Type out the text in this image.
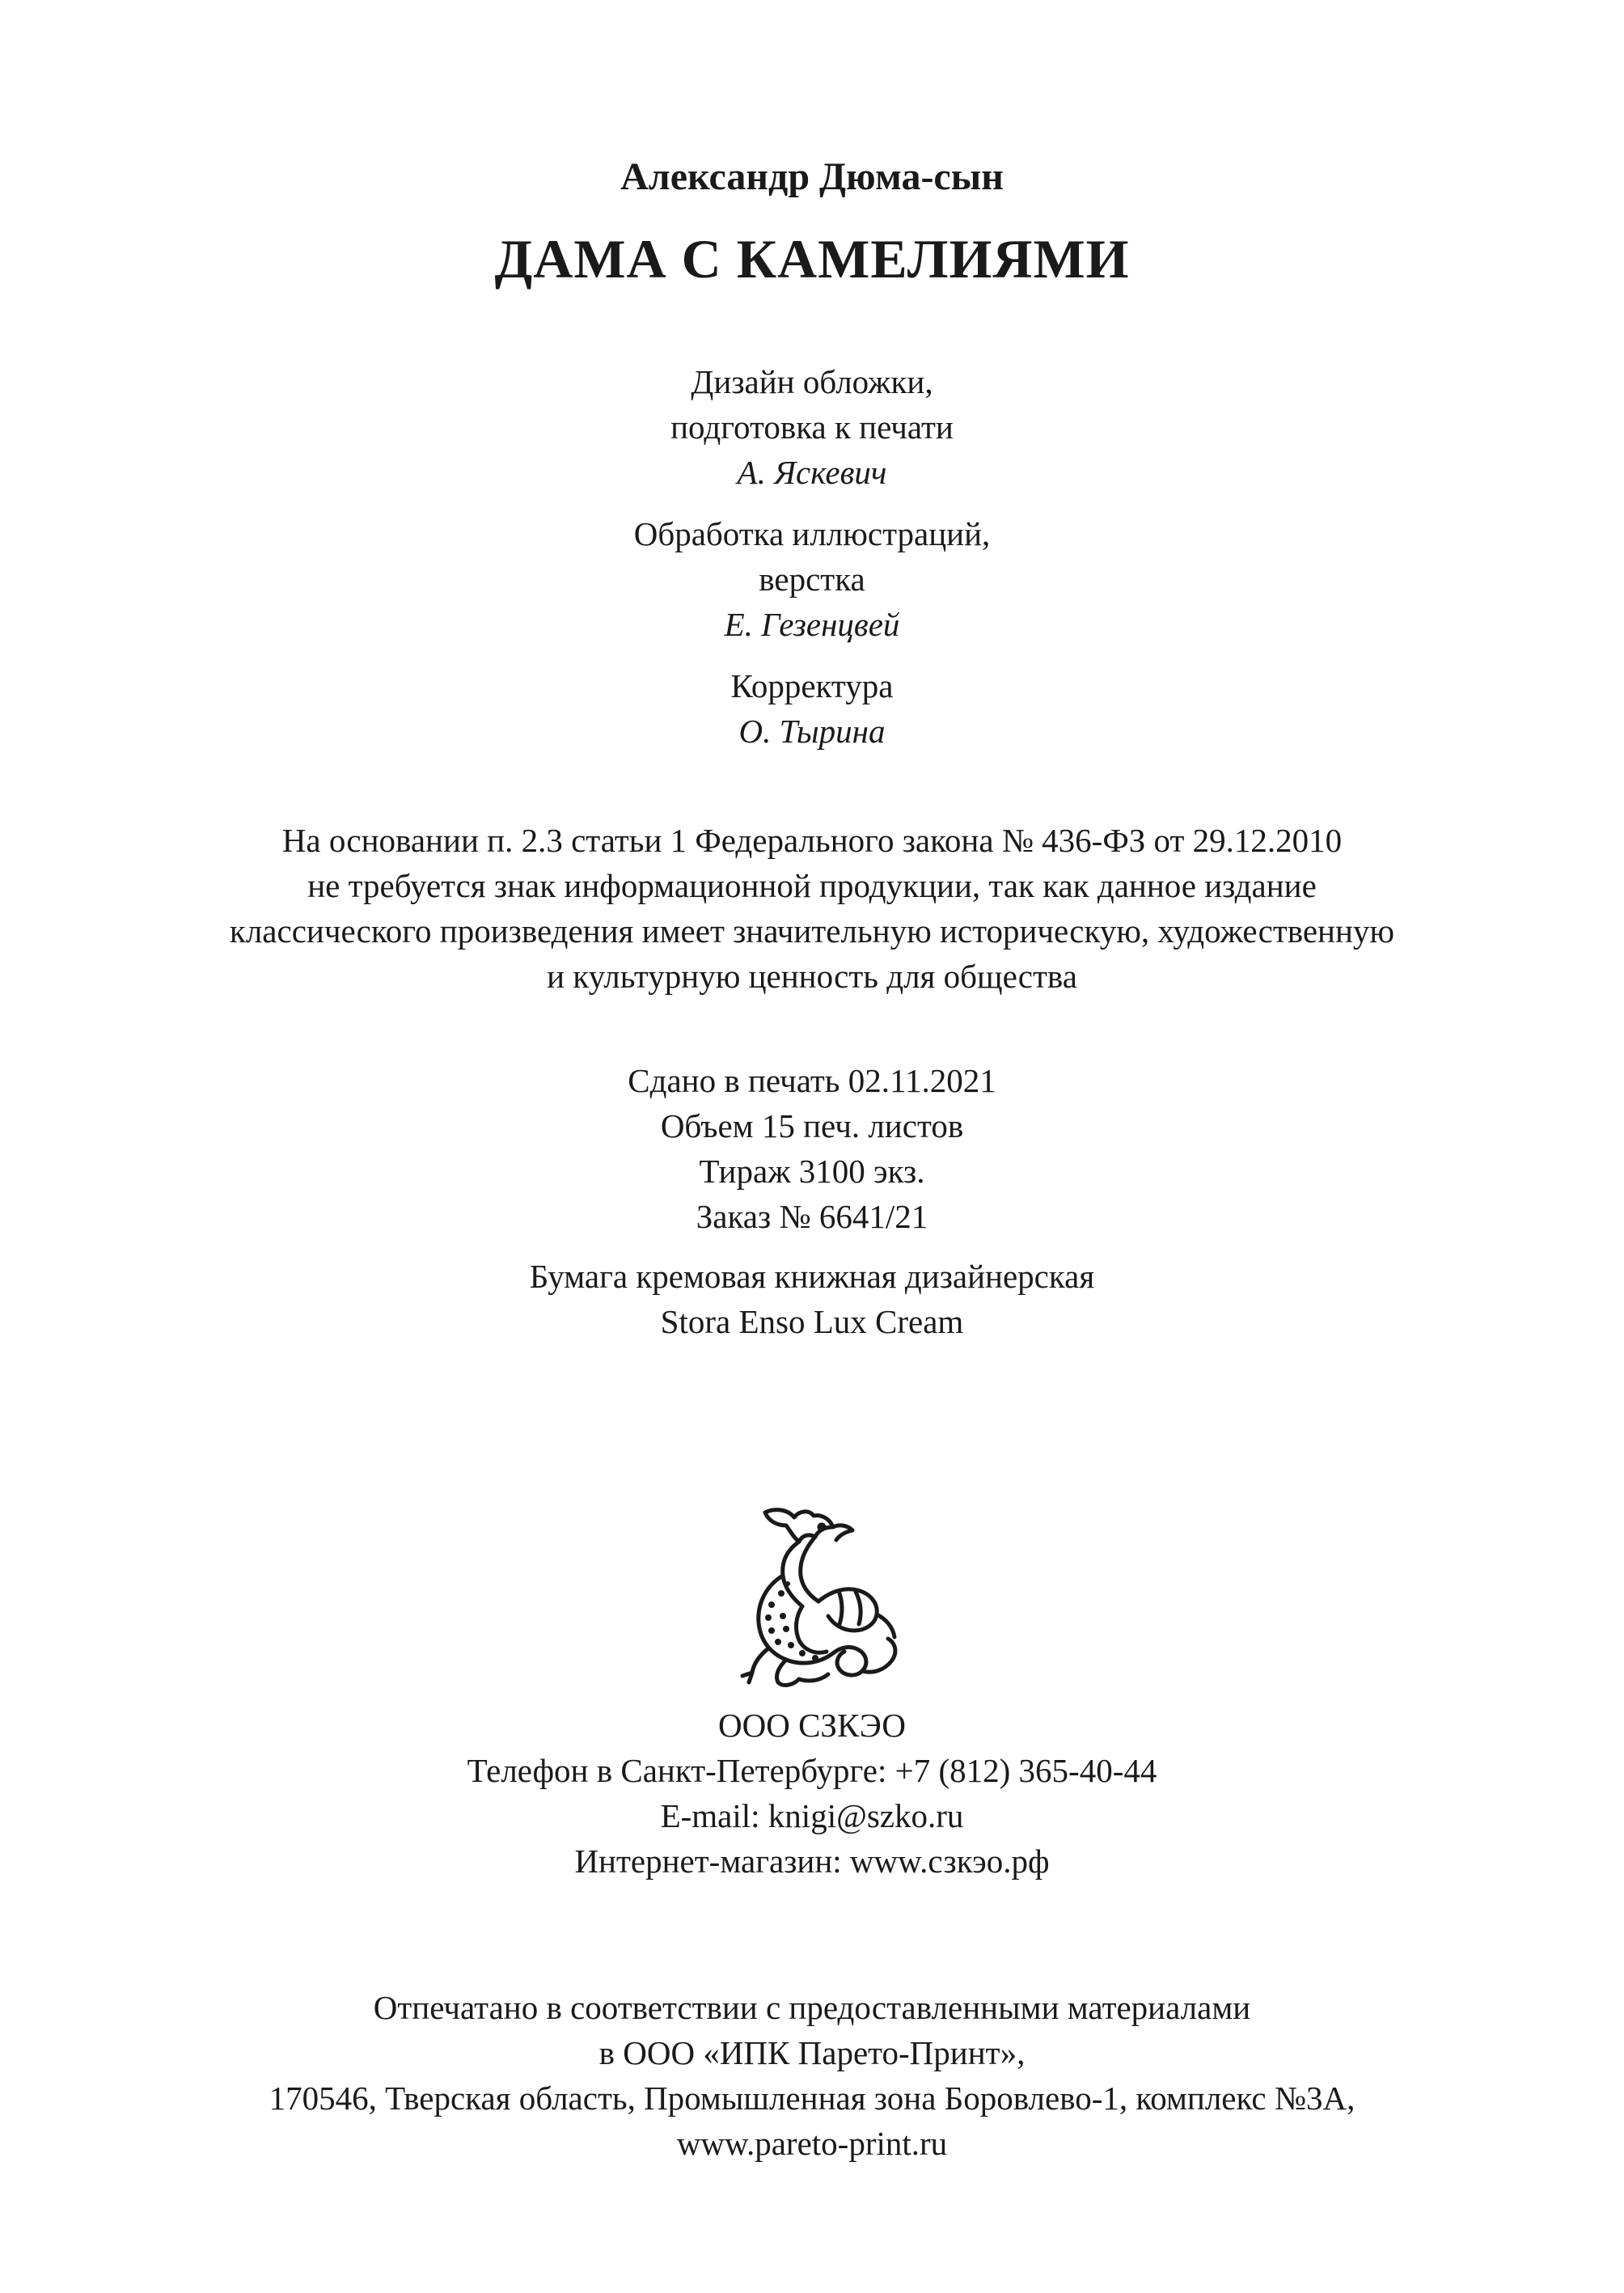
Александр Дюма-сын
ДАМА С КАМЕЛИЯМИ
Дизайн обложки,
подготовка к печати
А. Яскевич
Обработка иллюстраций,
верстка
Е. Гезенцвей
Корректура
О. Тырина
На основании п. 2.3 статьи 1 Федерального закона № 436-ФЗ от 29.12.2010
не требуется знак информационной продукции, так как данное издание
классического произведения имеет значительную историческую, художественную
и культурную ценность для общества
Сдано в печать 02.11.2021
Объем 15 печ. листов
Тираж 3100 экз.
Заказ № 6641/21
Бумага кремовая книжная дизайнерская
Stora Enso Lux Cream
ООО СЗКЭО
Телефон в Санкт-Петербурге: +7 (812) 365-40-44
E-mail: knigi@szko.ru
Интернет-магазин: www.сзкэо.рф
Отпечатано в соответствии с предоставленными материалами
в ООО «ИПК Парето-Принт»,
170546, Тверская область, Промышленная зона Боровлево-1, комплекс №3А,
www.pareto-print.ru
